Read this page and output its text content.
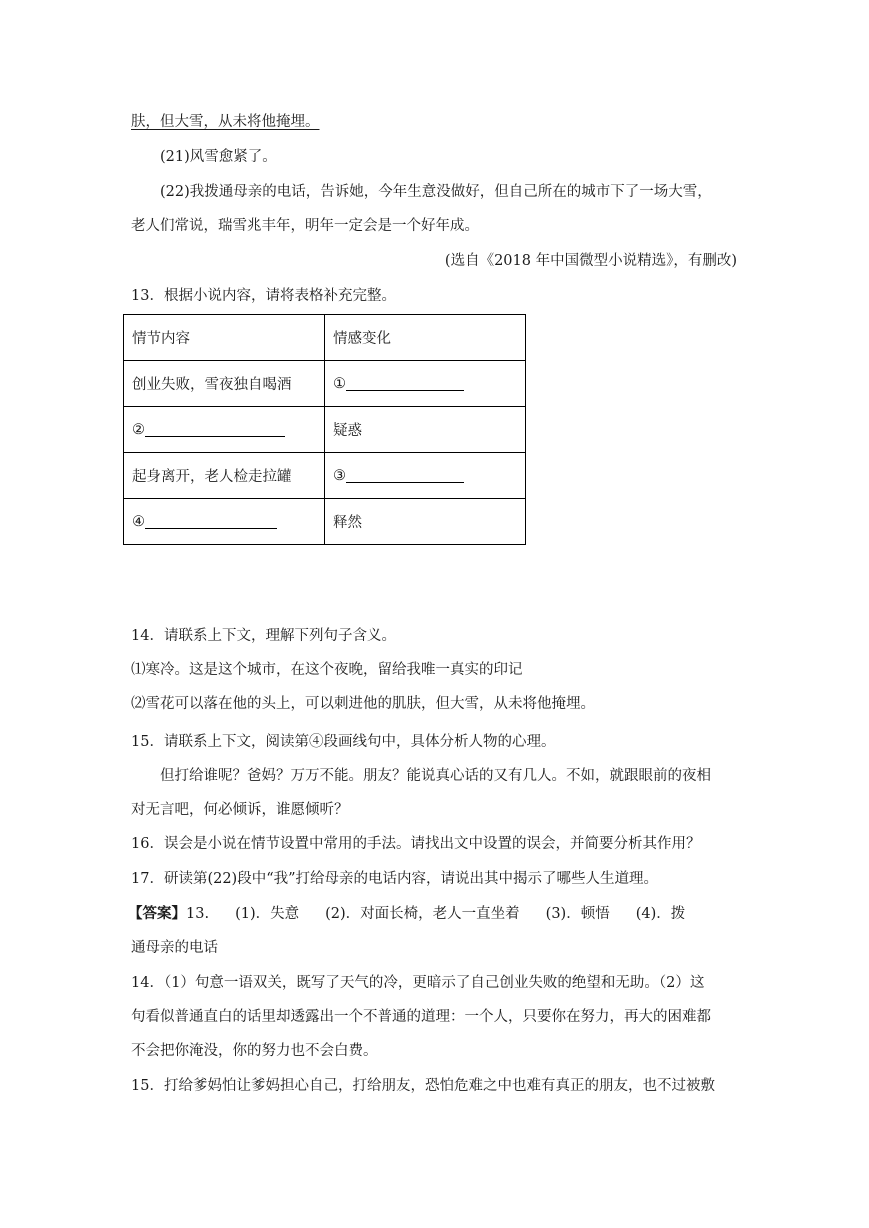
肤，但大雪，从未将他掩埋。
(21)风雪愈紧了。
(22)我拨通母亲的电话，告诉她，今年生意没做好，但自己所在的城市下了一场大雪，
老人们常说，瑞雪兆丰年，明年一定会是一个好年成。
(选自《2018 年中国微型小说精选》，有删改)
13．根据小说内容，请将表格补充完整。
情节内容	情感变化
创业失败，雪夜独自喝酒	①
②	疑惑
起身离开，老人检走拉罐	③
④	释然
14．请联系上下文，理解下列句子含义。
⑴寒冷。这是这个城市，在这个夜晚，留给我唯一真实的印记
⑵雪花可以落在他的头上，可以刺进他的肌肤，但大雪，从未将他掩埋。
15．请联系上下文，阅读第④段画线句中，具体分析人物的心理。
但打给谁呢？爸妈？万万不能。朋友？能说真心话的又有几人。不如，就跟眼前的夜相
对无言吧，何必倾诉，谁愿倾听？
16．误会是小说在情节设置中常用的手法。请找出文中设置的误会，并简要分析其作用？
17．研读第(22)段中“我”打给母亲的电话内容，请说出其中揭示了哪些人生道理。
【答案】13. (1)．失意 (2)．对面长椅，老人一直坐着 (3)．顿悟 (4)．拨
通母亲的电话
14．（1）句意一语双关，既写了天气的冷，更暗示了自己创业失败的绝望和无助。（2）这
句看似普通直白的话里却透露出一个不普通的道理：一个人，只要你在努力，再大的困难都
不会把你淹没，你的努力也不会白费。
15．打给爹妈怕让爹妈担心自己，打给朋友，恐怕危难之中也难有真正的朋友，也不过被敷
